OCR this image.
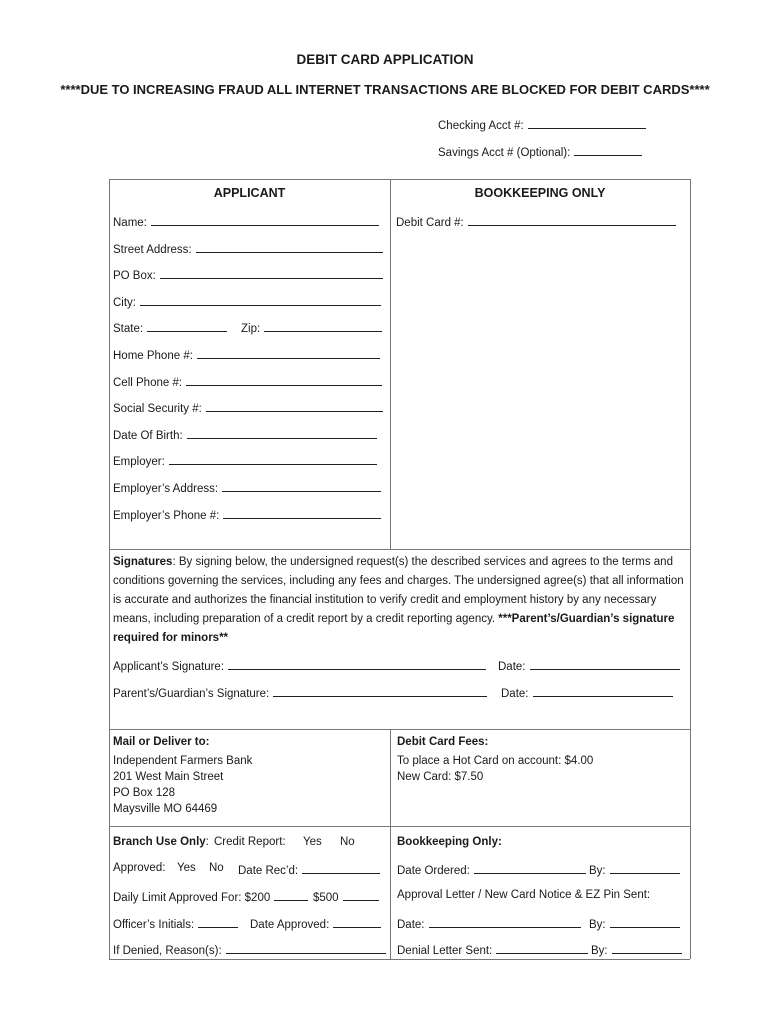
DEBIT CARD APPLICATION
****DUE TO INCREASING FRAUD ALL INTERNET TRANSACTIONS ARE BLOCKED FOR DEBIT CARDS****
Checking Acct #:
Savings Acct # (Optional):
APPLICANT	BOOKKEEPING ONLY
Name:
Street Address:
PO Box:
City:
State:	Zip:
Home Phone #:
Cell Phone #:
Social Security #:
Date Of Birth:
Employer:
Employer’s Address:
Employer’s Phone #:
Debit Card #:
Signatures: By signing below, the undersigned request(s) the described services and agrees to the terms and conditions governing the services, including any fees and charges. The undersigned agree(s) that all information is accurate and authorizes the financial institution to verify credit and employment history by any necessary means, including preparation of a credit report by a credit reporting agency. ***Parent’s/Guardian’s signature required for minors**
Applicant’s Signature:	Date:
Parent’s/Guardian’s Signature:	Date:
Mail or Deliver to:
Independent Farmers Bank
201 West Main Street
PO Box 128
Maysville MO 64469
Debit Card Fees:
To place a Hot Card on account: $4.00
New Card: $7.50
Branch Use Only: Credit Report: Yes No
Approved: Yes No Date Rec’d:
Daily Limit Approved For: $200	$500
Officer’s Initials:	Date Approved:
If Denied, Reason(s):
Bookkeeping Only:
Date Ordered:	By:
Approval Letter / New Card Notice & EZ Pin Sent:
Date:	By:
Denial Letter Sent:	By:
